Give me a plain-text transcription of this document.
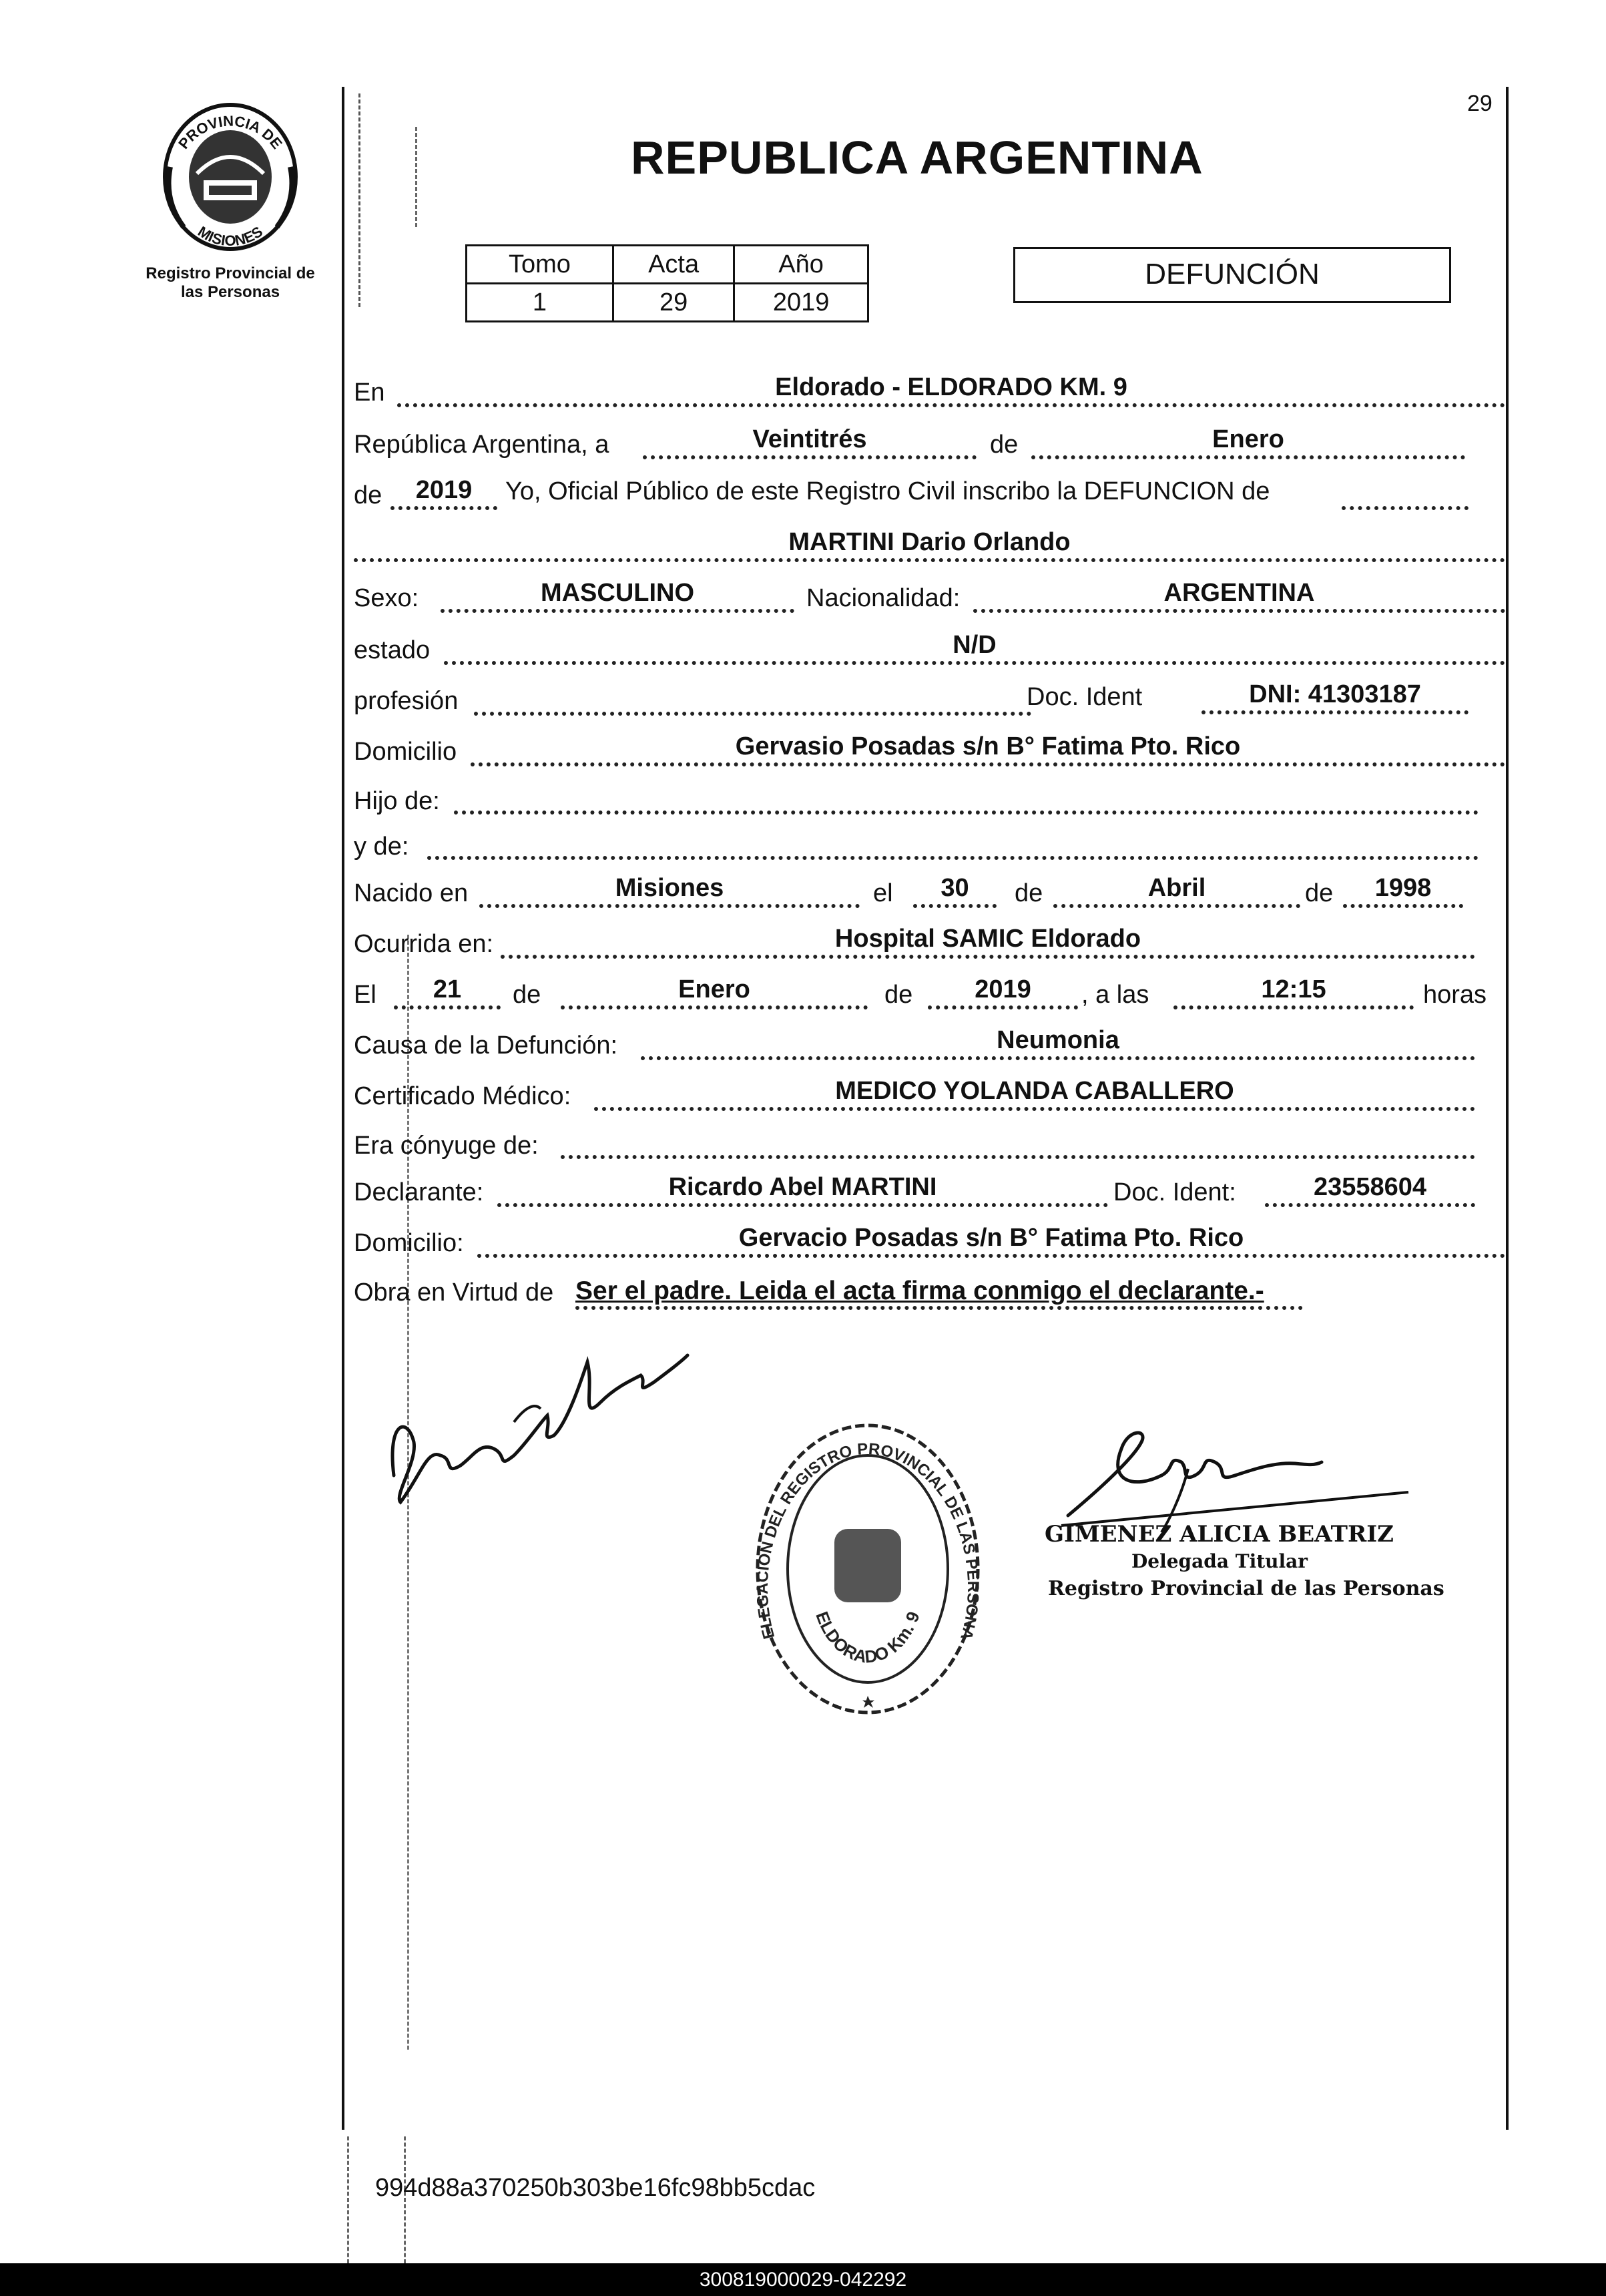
PROVINCIA DE
MISIONES
Registro Provincial de
las Personas
29
REPUBLICA ARGENTINA
Tomo	Acta	Año
1	29	2019
DEFUNCIÓN
En	Eldorado - ELDORADO KM. 9
República Argentina, a	Veintitrés	de	Enero
de	2019	Yo, Oficial Público de este Registro Civil inscribo la DEFUNCION de
MARTINI Dario Orlando
Sexo:	MASCULINO	Nacionalidad:	ARGENTINA
estado	N/D
profesión	Doc. Ident	DNI: 41303187
Domicilio	Gervasio Posadas s/n B° Fatima Pto. Rico
Hijo de:
y de:
Nacido en	Misiones	el	30	de	Abril	de	1998
Ocurrida en:	Hospital SAMIC Eldorado
El	21	de	Enero	de	2019	, a las	12:15	horas
Causa de la Defunción:	Neumonia
Certificado Médico:	MEDICO YOLANDA CABALLERO
Era cónyuge de:
Declarante:	Ricardo Abel MARTINI	Doc. Ident:	23558604
Domicilio:	Gervacio Posadas s/n B° Fatima Pto. Rico
Obra en Virtud de Ser el padre. Leida el acta firma conmigo el declarante.-
Ricardo Martini
ELEGACION DEL REGISTRO PROVINCIAL DE LAS PERSONA
ELDORADO Km. 9
Gimenez
GIMENEZ ALICIA BEATRIZ
Delegada Titular
Registro Provincial de las Personas
994d88a370250b303be16fc98bb5cdac
300819000029-042292
